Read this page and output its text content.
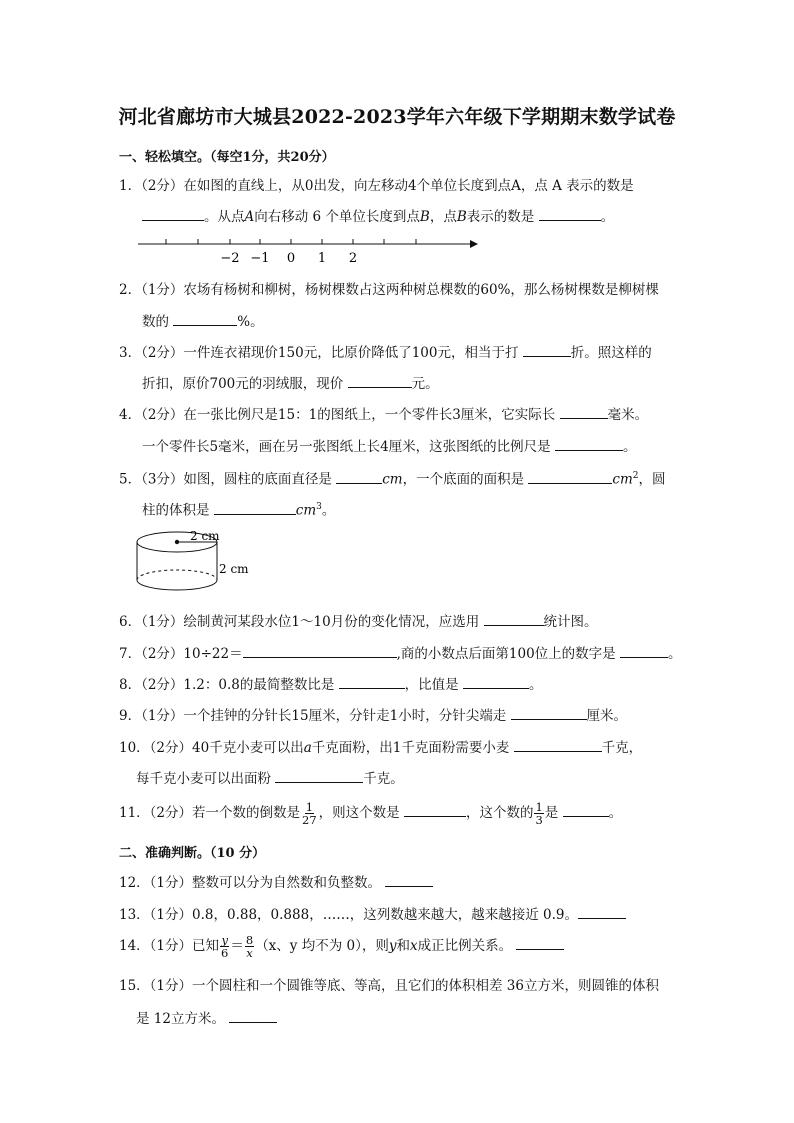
河北省廊坊市大城县2022-2023学年六年级下学期期末数学试卷
一、轻松填空。（每空1分，共20分）
1．（2分）在如图的直线上，从0出发，向左移动4个单位长度到点A，点 A 表示的数是
。从点A向右移动 6 个单位长度到点B，点B表示的数是	。
−2 −1 0 1 2
2．（1分）农场有杨树和柳树，杨树棵数占这两种树总棵数的60%，那么杨树棵数是柳树棵
数的	%。
3．（2分）一件连衣裙现价150元，比原价降低了100元，相当于打	折。照这样的
折扣，原价700元的羽绒服，现价	元。
4．（2分）在一张比例尺是15：1的图纸上，一个零件长3厘米，它实际长	毫米。
一个零件长5毫米，画在另一张图纸上长4厘米，这张图纸的比例尺是	。
5．（3分）如图，圆柱的底面直径是	cm，一个底面的面积是	$cm^2$，圆
柱的体积是	$cm^3$。
2 cm
2 cm
6．（1分）绘制黄河某段水位1～10月份的变化情况，应选用	统计图。
7．（2分）10÷22＝	,商的小数点后面第100位上的数字是	。
8．（2分）1.2：0.8的最简整数比是	，比值是	。
9．（1分）一个挂钟的分针长15厘米，分针走1小时，分针尖端走	厘米。
10．（2分）40千克小麦可以出a千克面粉，出1千克面粉需要小麦	千克，
每千克小麦可以出面粉	千克。
11．（2分）若一个数的倒数是 $\frac{1}{27}$ ，则这个数是	，这个数的 $\frac{1}{3}$ 是	。
二、准确判断。（10 分）
12．（1分）整数可以分为自然数和负整数。
13．（1分）0.8，0.88，0.888，……，这列数越来越大，越来越接近 0.9。
14．（1分）已知 $\frac{y}{6} = \frac{8}{x} (x$、y 均不为 0），则y和x成正比例关系。
15．（1分）一个圆柱和一个圆锥等底、等高，且它们的体积相差 36立方米，则圆锥的体积
是 12立方米。
